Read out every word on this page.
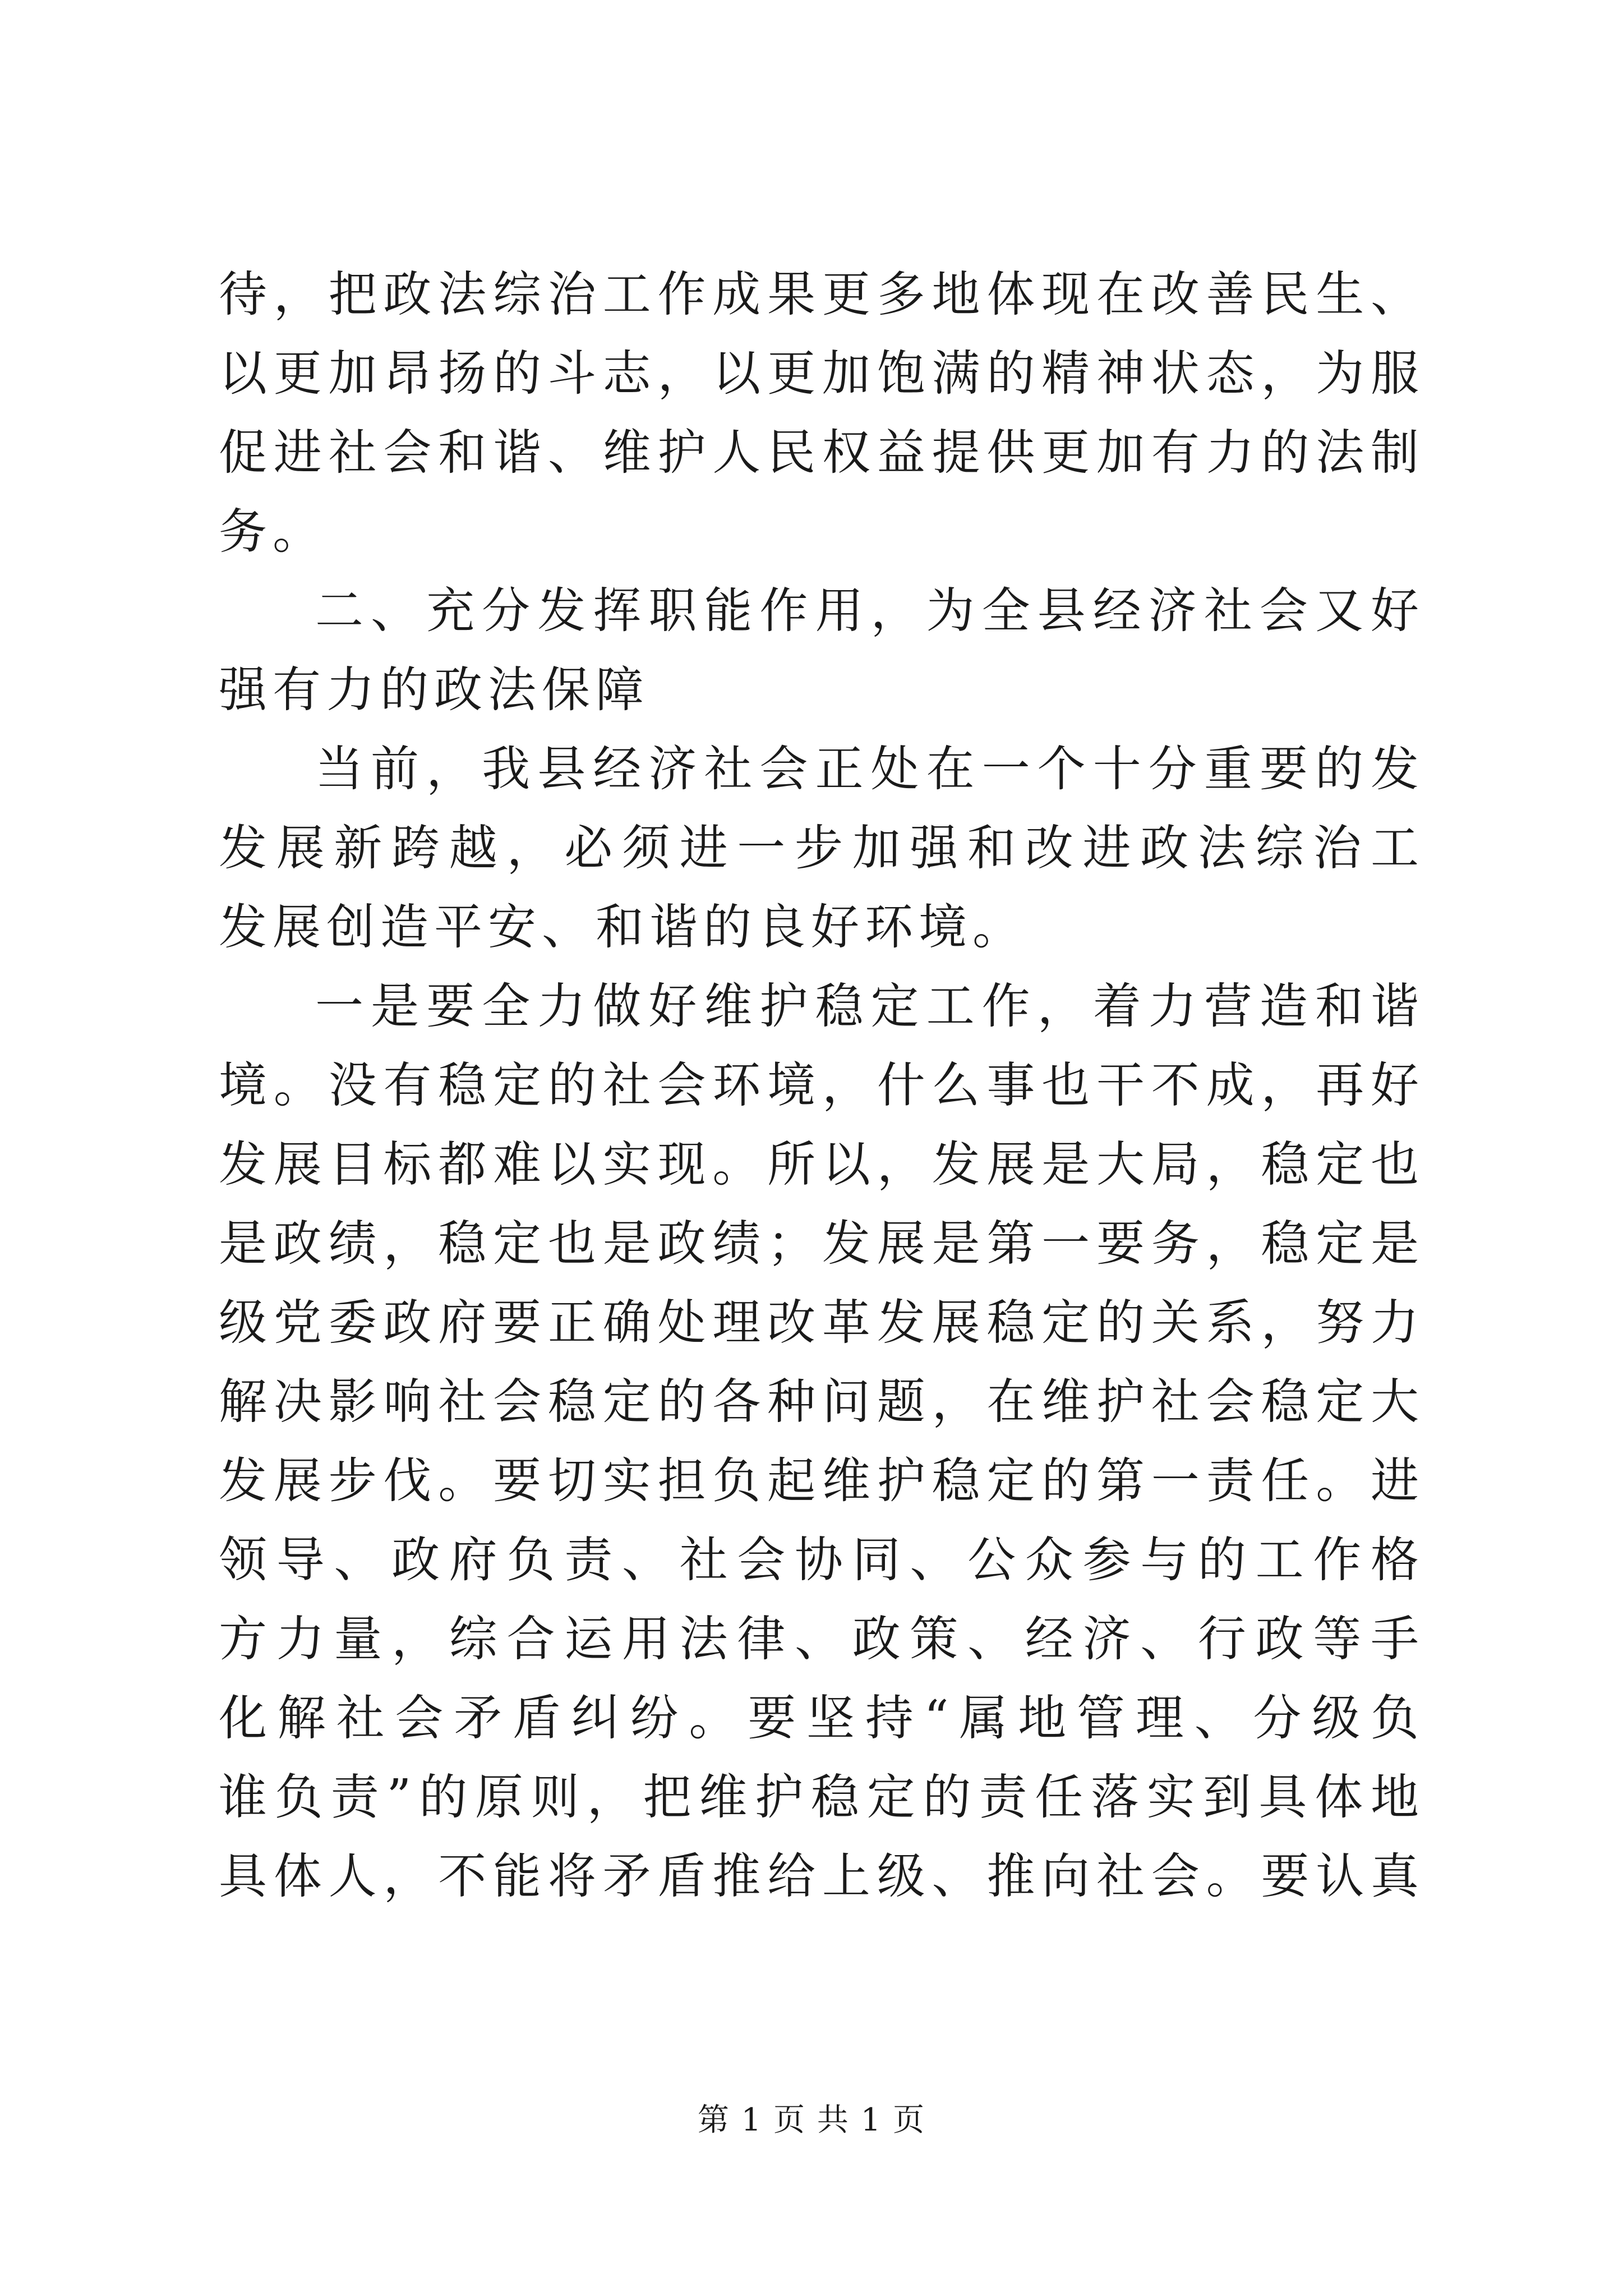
待，把政法综治工作成果更多地体现在改善民生、
以更加昂扬的斗志，以更加饱满的精神状态，为服
促进社会和谐、维护人民权益提供更加有力的法制
务。
二、充分发挥职能作用，为全县经济社会又好
强有力的政法保障
当前，我县经济社会正处在一个十分重要的发
发展新跨越，必须进一步加强和改进政法综治工
发展创造平安、和谐的良好环境。
一是要全力做好维护稳定工作，着力营造和谐
境。没有稳定的社会环境，什么事也干不成，再好
发展目标都难以实现。所以，发展是大局，稳定也
是政绩，稳定也是政绩；发展是第一要务，稳定是
级党委政府要正确处理改革发展稳定的关系，努力
解决影响社会稳定的各种问题，在维护社会稳定大
发展步伐。要切实担负起维护稳定的第一责任。进
领导、政府负责、社会协同、公众参与的工作格
方力量，综合运用法律、政策、经济、行政等手
化解社会矛盾纠纷。要坚持“属地管理、分级负
谁负责”的原则，把维护稳定的责任落实到具体地
具体人，不能将矛盾推给上级、推向社会。要认真
第 1 页 共 1 页
